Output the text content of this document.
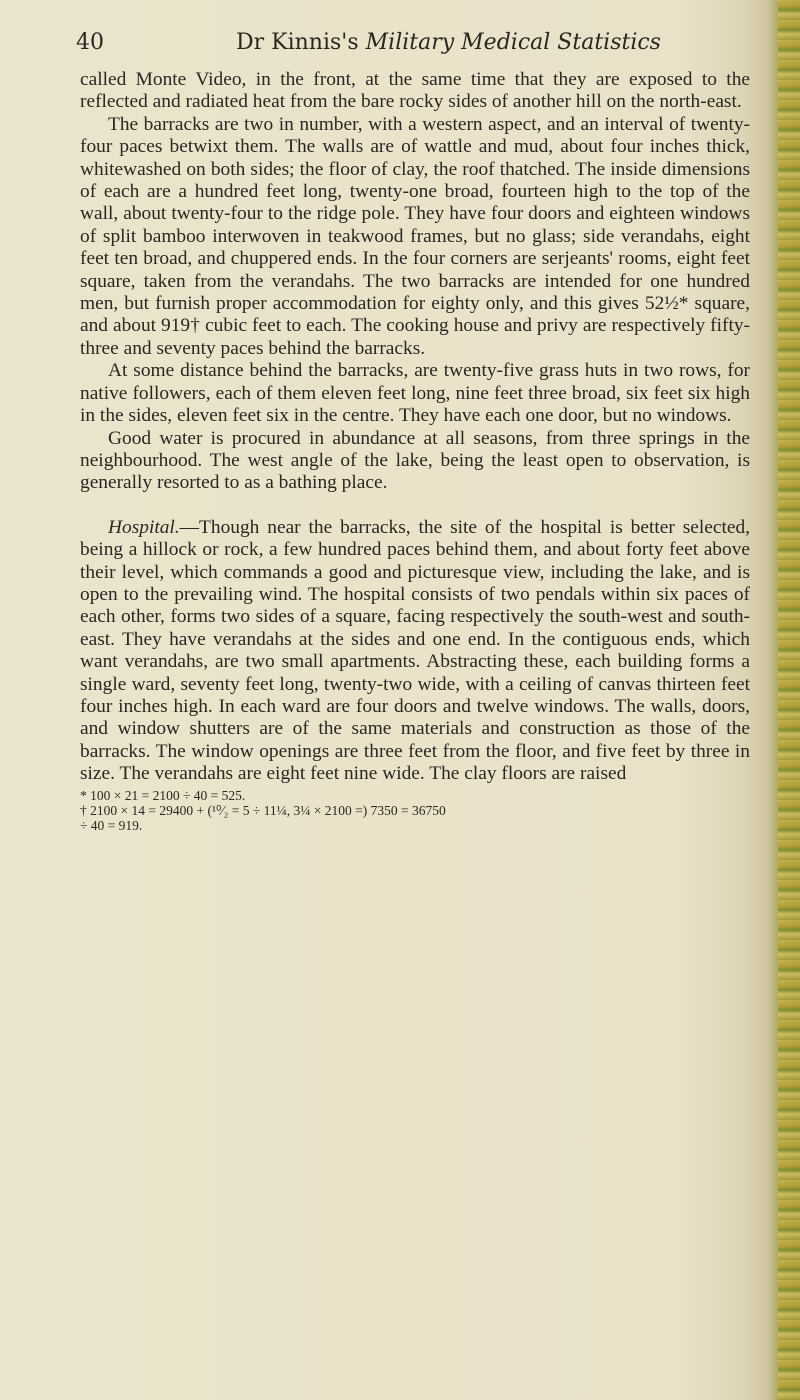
40	Dr Kinnis's Military Medical Statistics

called Monte Video, in the front, at the same time that they are exposed to the reflected and radiated heat from the bare rocky sides of another hill on the north-east.

The barracks are two in number, with a western aspect, and an interval of twenty-four paces betwixt them. The walls are of wattle and mud, about four inches thick, whitewashed on both sides; the floor of clay, the roof thatched. The inside dimensions of each are a hundred feet long, twenty-one broad, fourteen high to the top of the wall, about twenty-four to the ridge pole. They have four doors and eighteen windows of split bamboo interwoven in teakwood frames, but no glass; side verandahs, eight feet ten broad, and chuppered ends. In the four corners are serjeants' rooms, eight feet square, taken from the verandahs. The two barracks are intended for one hundred men, but furnish proper accommodation for eighty only, and this gives 52½* square, and about 919† cubic feet to each. The cooking house and privy are respectively fifty-three and seventy paces behind the barracks.

At some distance behind the barracks, are twenty-five grass huts in two rows, for native followers, each of them eleven feet long, nine feet three broad, six feet six high in the sides, eleven feet six in the centre. They have each one door, but no windows.

Good water is procured in abundance at all seasons, from three springs in the neighbourhood. The west angle of the lake, being the least open to observation, is generally resorted to as a bathing place.

Hospital.—Though near the barracks, the site of the hospital is better selected, being a hillock or rock, a few hundred paces behind them, and about forty feet above their level, which commands a good and picturesque view, including the lake, and is open to the prevailing wind. The hospital consists of two pendals within six paces of each other, forms two sides of a square, facing respectively the south-west and south-east. They have verandahs at the sides and one end. In the contiguous ends, which want verandahs, are two small apartments. Abstracting these, each building forms a single ward, seventy feet long, twenty-two wide, with a ceiling of canvas thirteen feet four inches high. In each ward are four doors and twelve windows. The walls, doors, and window shutters are of the same materials and construction as those of the barracks. The window openings are three feet from the floor, and five feet by three in size. The verandahs are eight feet nine wide. The clay floors are raised

* 100 × 21 = 2100 ÷ 40 = 525.
† 2100 × 14 = 29400 + (¹⁰⁄₂ = 5 ÷ 11¼, 3¼ × 2100 =) 7350 = 36750
÷ 40 = 919.
